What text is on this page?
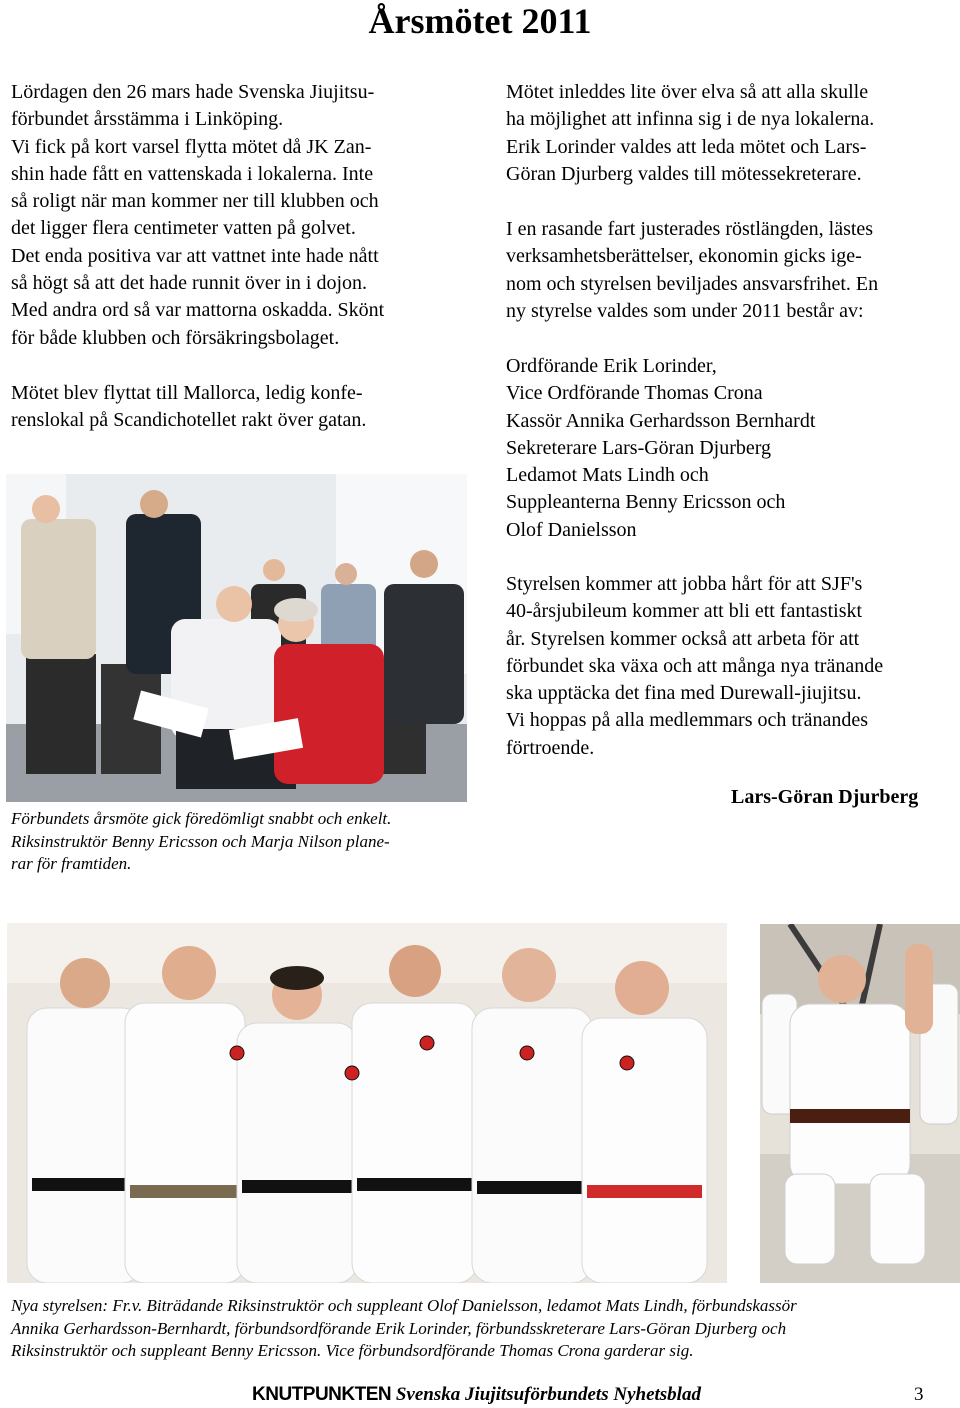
Årsmötet 2011

Lördagen den 26 mars hade Svenska Jiujitsu-
förbundet årsstämma i Linköping.
Vi fick på kort varsel flytta mötet då JK Zan-
shin hade fått en vattenskada i lokalerna. Inte
så roligt när man kommer ner till klubben och
det ligger flera centimeter vatten på golvet.
Det enda positiva var att vattnet inte hade nått
så högt så att det hade runnit över in i dojon.
Med andra ord så var mattorna oskadda. Skönt
för både klubben och försäkringsbolaget.

Mötet blev flyttat till Mallorca, ledig konfe-
renslokal på Scandichotellet rakt över gatan.

Förbundets årsmöte gick föredömligt snabbt och enkelt.
Riksinstruktör Benny Ericsson och Marja Nilson plane-
rar för framtiden.

Mötet inleddes lite över elva så att alla skulle
ha möjlighet att infinna sig i de nya lokalerna.
Erik Lorinder valdes att leda mötet och Lars-
Göran Djurberg valdes till mötessekreterare.

I en rasande fart justerades röstlängden, lästes
verksamhetsberättelser, ekonomin gicks ige-
nom och styrelsen beviljades ansvarsfrihet. En
ny styrelse valdes som under 2011 består av:

Ordförande Erik Lorinder,
Vice Ordförande Thomas Crona
Kassör Annika Gerhardsson Bernhardt
Sekreterare Lars-Göran Djurberg
Ledamot Mats Lindh och
Suppleanterna Benny Ericsson och
Olof Danielsson

Styrelsen kommer att jobba hårt för att SJF's
40-årsjubileum kommer att bli ett fantastiskt
år. Styrelsen kommer också att arbeta för att
förbundet ska växa och att många nya tränande
ska upptäcka det fina med Durewall-jiujitsu.
Vi hoppas på alla medlemmars och tränandes
förtroende.

Lars-Göran Djurberg

Nya styrelsen: Fr.v. Biträdande Riksinstruktör och suppleant Olof Danielsson, ledamot Mats Lindh, förbundskassör
Annika Gerhardsson-Bernhardt, förbundsordförande Erik Lorinder, förbundsskreterare Lars-Göran Djurberg och
Riksinstruktör och suppleant Benny Ericsson. Vice förbundsordförande Thomas Crona garderar sig.

KNUTPUNKTEN Svenska Jiujitsuförbundets Nyhetsblad	3
